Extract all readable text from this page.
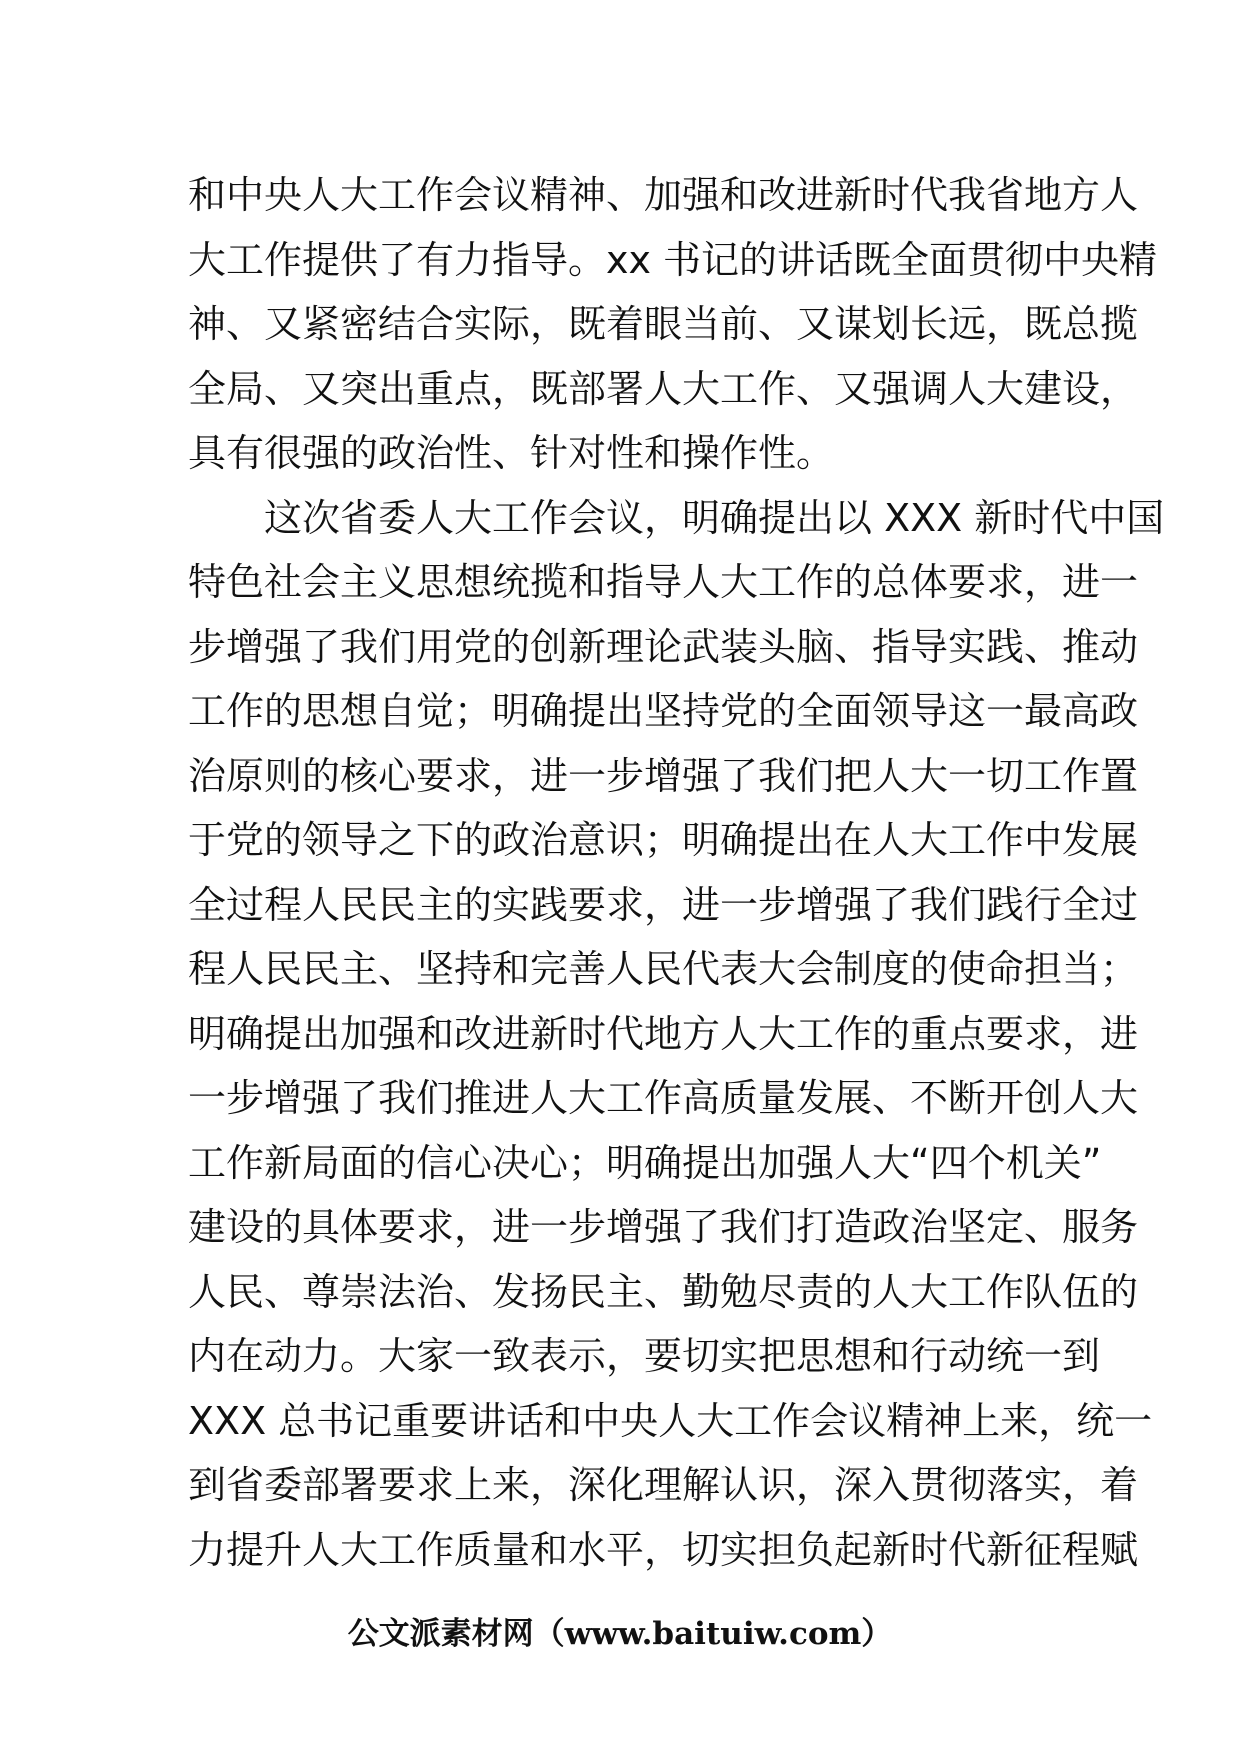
和中央人大工作会议精神、加强和改进新时代我省地方人
大工作提供了有力指导。xx 书记的讲话既全面贯彻中央精
神、又紧密结合实际，既着眼当前、又谋划长远，既总揽
全局、又突出重点，既部署人大工作、又强调人大建设，
具有很强的政治性、针对性和操作性。
这次省委人大工作会议，明确提出以 XXX 新时代中国
特色社会主义思想统揽和指导人大工作的总体要求，进一
步增强了我们用党的创新理论武装头脑、指导实践、推动
工作的思想自觉；明确提出坚持党的全面领导这一最高政
治原则的核心要求，进一步增强了我们把人大一切工作置
于党的领导之下的政治意识；明确提出在人大工作中发展
全过程人民民主的实践要求，进一步增强了我们践行全过
程人民民主、坚持和完善人民代表大会制度的使命担当；
明确提出加强和改进新时代地方人大工作的重点要求，进
一步增强了我们推进人大工作高质量发展、不断开创人大
工作新局面的信心决心；明确提出加强人大“四个机关”
建设的具体要求，进一步增强了我们打造政治坚定、服务
人民、尊崇法治、发扬民主、勤勉尽责的人大工作队伍的
内在动力。大家一致表示，要切实把思想和行动统一到
XXX 总书记重要讲话和中央人大工作会议精神上来，统一
到省委部署要求上来，深化理解认识，深入贯彻落实，着
力提升人大工作质量和水平，切实担负起新时代新征程赋
公文派素材网（www.baituiw.com）
